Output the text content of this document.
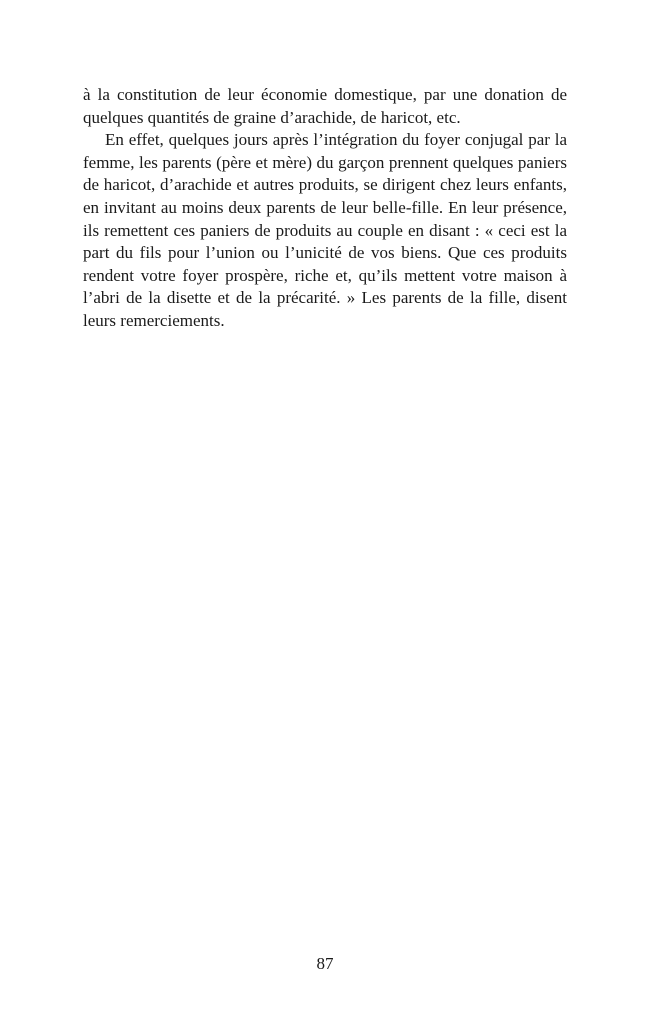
à la constitution de leur économie domestique, par une donation de quelques quantités de graine d’arachide, de haricot, etc.

En effet, quelques jours après l’intégration du foyer conjugal par la femme, les parents (père et mère) du garçon prennent quelques paniers de haricot, d’arachide et autres produits, se dirigent chez leurs enfants, en invitant au moins deux parents de leur belle-fille. En leur présence, ils remettent ces paniers de produits au couple en disant : « ceci est la part du fils pour l’union ou l’unicité de vos biens. Que ces produits rendent votre foyer prospère, riche et, qu’ils mettent votre maison à l’abri de la disette et de la précarité. » Les parents de la fille, disent leurs remerciements.

87
